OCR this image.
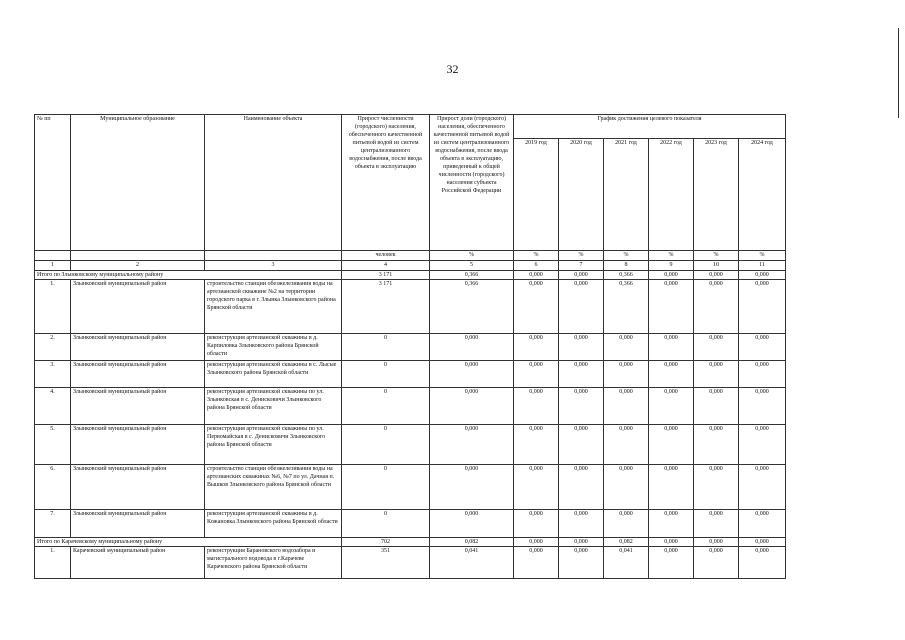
32
№ пп	Муниципальное образование	Наименование объекта	Прирост численности (городского) населения, обеспеченного качественной питьевой водой из систем централизованного водоснабжения, после ввода объекта в эксплуатацию	Прирост доли (городского) населения, обеспеченного качественной питьевой водой из систем централизованного водоснабжения, после ввода объекта в эксплуатацию, приведенный к общей численности (городского) населения субъекта Российской Федерации	График достижения целевого показателя					
					2019 год	2020 год	2021 год	2022 год	2023 год	2024 год
			человек	%	%	%	%	%	%	%
1	2	3	4	5	6	7	8	9	10	11
Итого по Злынковскому муниципальному району			3 171	0,366	0,000	0,000	0,366	0,000	0,000	0,000
1.	Злынковский муниципальный район	строительство станции обезжелезивания воды на артезианской скважине №2 на территории городского парка в г. Злынка Злынковского района Брянской области	3 171	0,366	0,000	0,000	0,366	0,000	0,000	0,000
2.	Злынковский муниципальный район	реконструкция артезианской скважины в д. Карпиловка Злынковского района Брянской области	0	0,000	0,000	0,000	0,000	0,000	0,000	0,000
3.	Злынковский муниципальный район	реконструкция артезианской скважины в с. Лысые Злынковского района Брянской области	0	0,000	0,000	0,000	0,000	0,000	0,000	0,000
4.	Злынковский муниципальный район	реконструкция артезианской скважины по ул. Злынковская в с. Денисковичи Злынковского района Брянской области	0	0,000	0,000	0,000	0,000	0,000	0,000	0,000
5.	Злынковский муниципальный район	реконструкция артезианской скважины по ул. Первомайская в с. Денисковичи Злынковского района Брянской области	0	0,000	0,000	0,000	0,000	0,000	0,000	0,000
6.	Злынковский муниципальный район	строительство станции обезжелезивания воды на артезианских скважинах №6, №7 по ул. Дачная п. Вышков Злынковского района Брянской области	0	0,000	0,000	0,000	0,000	0,000	0,000	0,000
7.	Злынковский муниципальный район	реконструкция артезианской скважины в д. Кожановка Злынковского района Брянской области	0	0,000	0,000	0,000	0,000	0,000	0,000	0,000
Итого по Карачевскому муниципальному району			702	0,082	0,000	0,000	0,082	0,000	0,000	0,000
1.	Карачевский муниципальный район	реконструкция Барановского водозабора и магистрального водовода в г.Карачеве Карачевского района Брянской области	351	0,041	0,000	0,000	0,041	0,000	0,000	0,000
